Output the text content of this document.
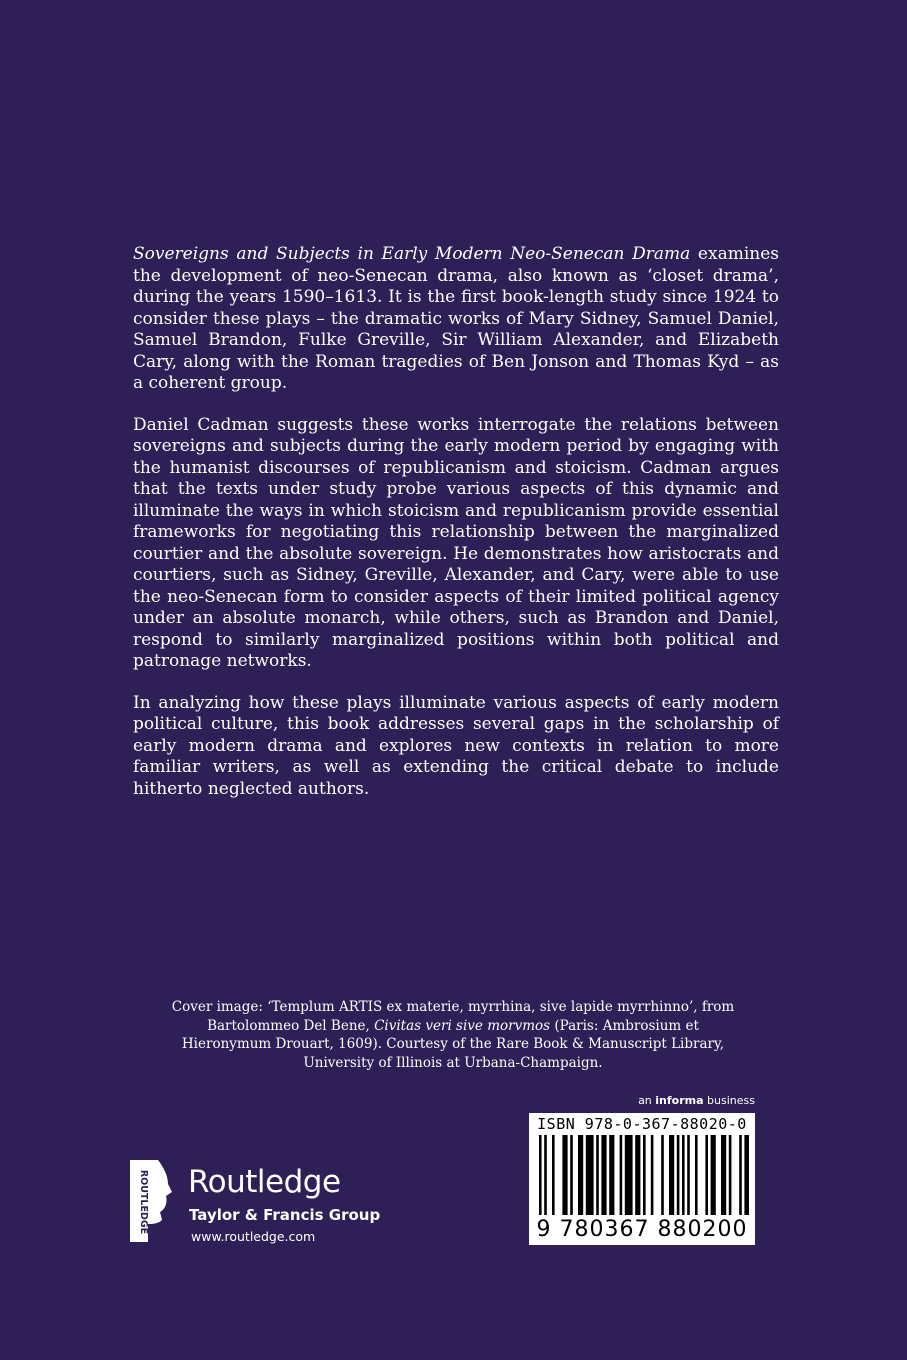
Sovereigns and Subjects in Early Modern Neo-Senecan Drama examines the development of neo-Senecan drama, also known as ‘closet drama’, during the years 1590–1613. It is the first book-length study since 1924 to consider these plays – the dramatic works of Mary Sidney, Samuel Daniel, Samuel Brandon, Fulke Greville, Sir William Alexander, and Elizabeth Cary, along with the Roman tragedies of Ben Jonson and Thomas Kyd – as a coherent group.

Daniel Cadman suggests these works interrogate the relations between sovereigns and subjects during the early modern period by engaging with the humanist discourses of republicanism and stoicism. Cadman argues that the texts under study probe various aspects of this dynamic and illuminate the ways in which stoicism and republicanism provide essential frameworks for negotiating this relationship between the marginalized courtier and the absolute sovereign. He demonstrates how aristocrats and courtiers, such as Sidney, Greville, Alexander, and Cary, were able to use the neo-Senecan form to consider aspects of their limited political agency under an absolute monarch, while others, such as Brandon and Daniel, respond to similarly marginalized positions within both political and patronage networks.

In analyzing how these plays illuminate various aspects of early modern political culture, this book addresses several gaps in the scholarship of early modern drama and explores new contexts in relation to more familiar writers, as well as extending the critical debate to include hitherto neglected authors.

Cover image: ‘Templum ARTIS ex materie, myrrhina, sive lapide myrrhinno’, from Bartolommeo Del Bene, Civitas veri sive morvmos (Paris: Ambrosium et Hieronymum Drouart, 1609). Courtesy of the Rare Book & Manuscript Library, University of Illinois at Urbana-Champaign.
an informa business
ISBN 978-0-367-88020-0
9 780367 880200
ROUTLEDGE Routledge
Taylor & Francis Group
www.routledge.com
